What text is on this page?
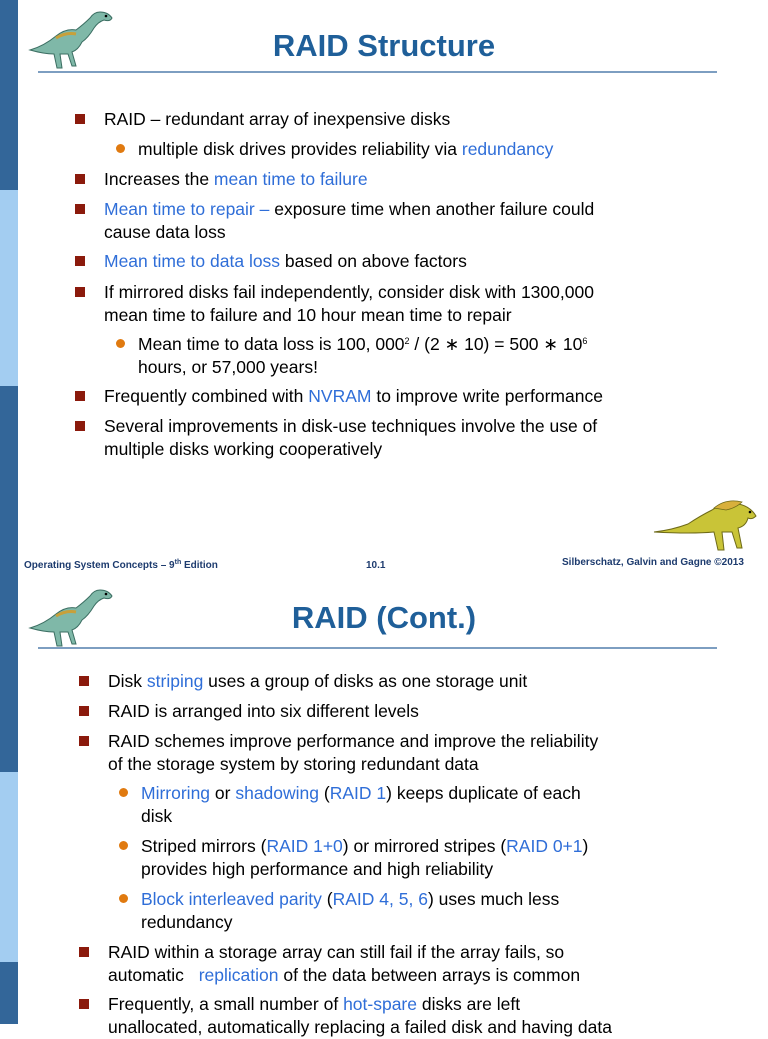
RAID Structure
RAID – redundant array of inexpensive disks
multiple disk drives provides reliability via redundancy
Increases the mean time to failure
Mean time to repair – exposure time when another failure could
cause data loss
Mean time to data loss based on above factors
If mirrored disks fail independently, consider disk with 1300,000
mean time to failure and 10 hour mean time to repair
Mean time to data loss is 100, $000^2 / (2$ ∗ 10) = 500 ∗ $10^6$
hours, or 57,000 years!
Frequently combined with NVRAM to improve write performance
Several improvements in disk-use techniques involve the use of
multiple disks working cooperatively
Operating System Concepts – 9th Edition	10.1	Silberschatz, Galvin and Gagne ©2013
RAID (Cont.)
Disk striping uses a group of disks as one storage unit
RAID is arranged into six different levels
RAID schemes improve performance and improve the reliability
of the storage system by storing redundant data
Mirroring or shadowing (RAID 1) keeps duplicate of each
disk
Striped mirrors (RAID 1+0) or mirrored stripes (RAID 0+1)
provides high performance and high reliability
Block interleaved parity (RAID 4, 5, 6) uses much less
redundancy
RAID within a storage array can still fail if the array fails, so
automatic replication of the data between arrays is common
Frequently, a small number of hot-spare disks are left
unallocated, automatically replacing a failed disk and having data
